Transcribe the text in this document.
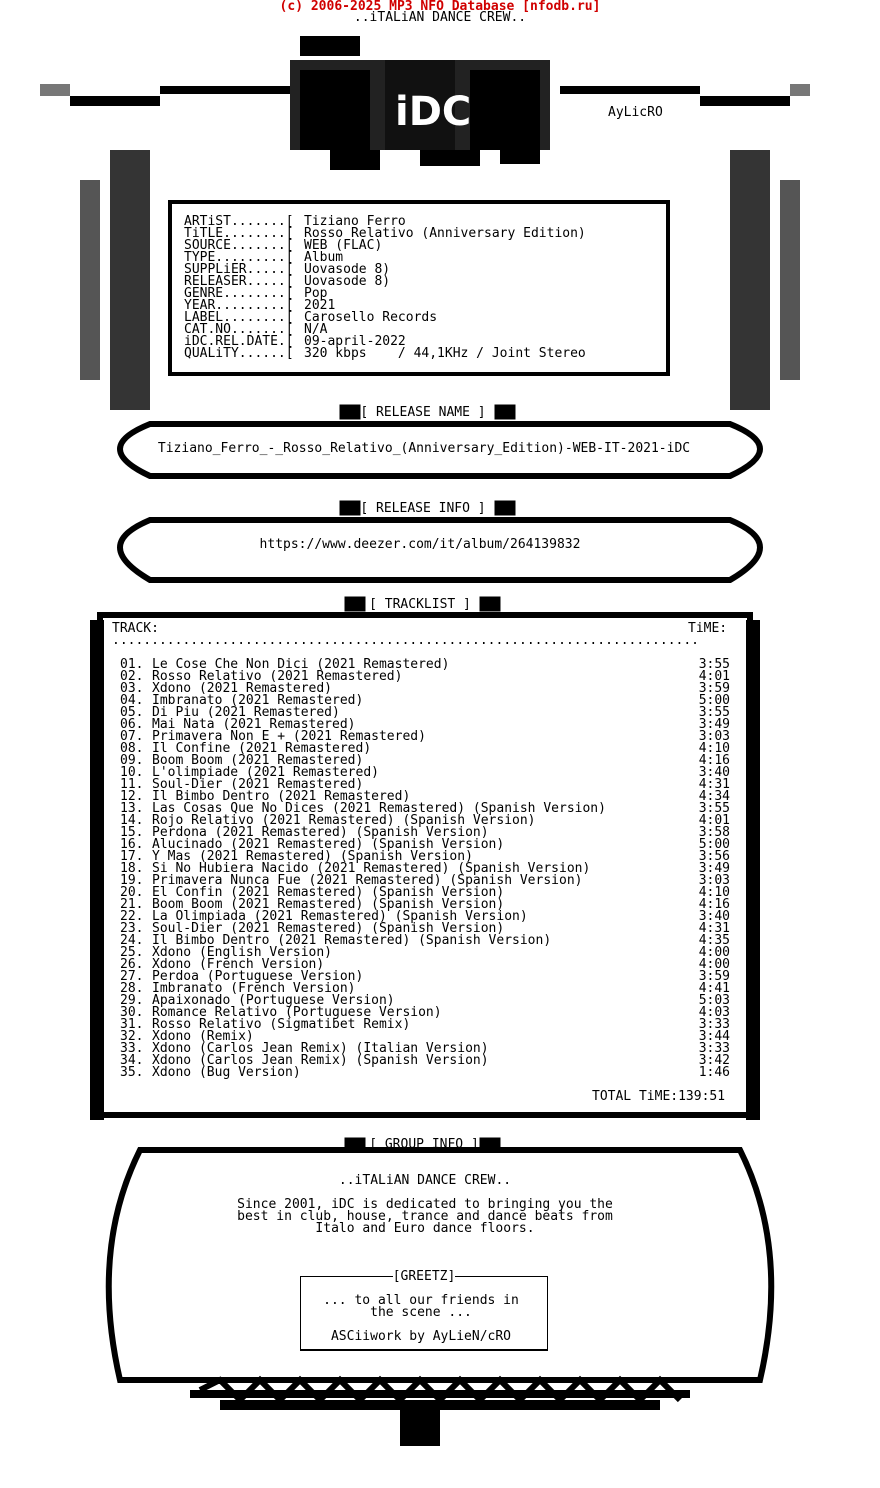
(c) 2006-2025 MP3 NFO Database [nfodb.ru]
..iTALiAN DANCE CREW..
AyLicRO
iDC
ARTiST.......[ Tiziano Ferro
TiTLE........[ Rosso Relativo (Anniversary Edition)
SOURCE.......[ WEB (FLAC)
TYPE.........[ Album
SUPPLiER.....[ Uovasode 8)
RELEASER.....[ Uovasode 8)
GENRE........[ Pop
YEAR.........[ 2021
LABEL........[ Carosello Records
CAT.NO.......[ N/A
iDC.REL.DATE.[ 09-april-2022
QUALiTY......[ 320 kbps    / 44,1KHz / Joint Stereo
[ RELEASE NAME ]
Tiziano_Ferro_-_Rosso_Relativo_(Anniversary_Edition)-WEB-IT-2021-iDC
[ RELEASE INFO ]
https://www.deezer.com/it/album/264139832
[ TRACKLIST ]
TRACK:	TiME:
...........................................................................
01. Le Cose Che Non Dici (2021 Remastered)	3:55
02. Rosso Relativo (2021 Remastered)	4:01
03. Xdono (2021 Remastered)	3:59
04. Imbranato (2021 Remastered)	5:00
05. Di Piu (2021 Remastered)	3:55
06. Mai Nata (2021 Remastered)	3:49
07. Primavera Non E + (2021 Remastered)	3:03
08. Il Confine (2021 Remastered)	4:10
09. Boom Boom (2021 Remastered)	4:16
10. L'olimpiade (2021 Remastered)	3:40
11. Soul-Dier (2021 Remastered)	4:31
12. Il Bimbo Dentro (2021 Remastered)	4:34
13. Las Cosas Que No Dices (2021 Remastered) (Spanish Version)	3:55
14. Rojo Relativo (2021 Remastered) (Spanish Version)	4:01
15. Perdona (2021 Remastered) (Spanish Version)	3:58
16. Alucinado (2021 Remastered) (Spanish Version)	5:00
17. Y Mas (2021 Remastered) (Spanish Version)	3:56
18. Si No Hubiera Nacido (2021 Remastered) (Spanish Version)	3:49
19. Primavera Nunca Fue (2021 Remastered) (Spanish Version)	3:03
20. El Confin (2021 Remastered) (Spanish Version)	4:10
21. Boom Boom (2021 Remastered) (Spanish Version)	4:16
22. La Olimpiada (2021 Remastered) (Spanish Version)	3:40
23. Soul-Dier (2021 Remastered) (Spanish Version)	4:31
24. Il Bimbo Dentro (2021 Remastered) (Spanish Version)	4:35
25. Xdono (English Version)	4:00
26. Xdono (French Version)	4:00
27. Perdoa (Portuguese Version)	3:59
28. Imbranato (French Version)	4:41
29. Apaixonado (Portuguese Version)	5:03
30. Romance Relativo (Portuguese Version)	4:03
31. Rosso Relativo (Sigmatibet Remix)	3:33
32. Xdono (Remix)	3:44
33. Xdono (Carlos Jean Remix) (Italian Version)	3:33
34. Xdono (Carlos Jean Remix) (Spanish Version)	3:42
35. Xdono (Bug Version)	1:46
TOTAL TiME:139:51
[ GROUP INFO ]
..iTALiAN DANCE CREW..
Since 2001, iDC is dedicated to bringing you the
best in club, house, trance and dance beats from
Italo and Euro dance floors.
[GREETZ]
... to all our friends in
the scene ...
ASCiiwork by AyLieN/cRO
